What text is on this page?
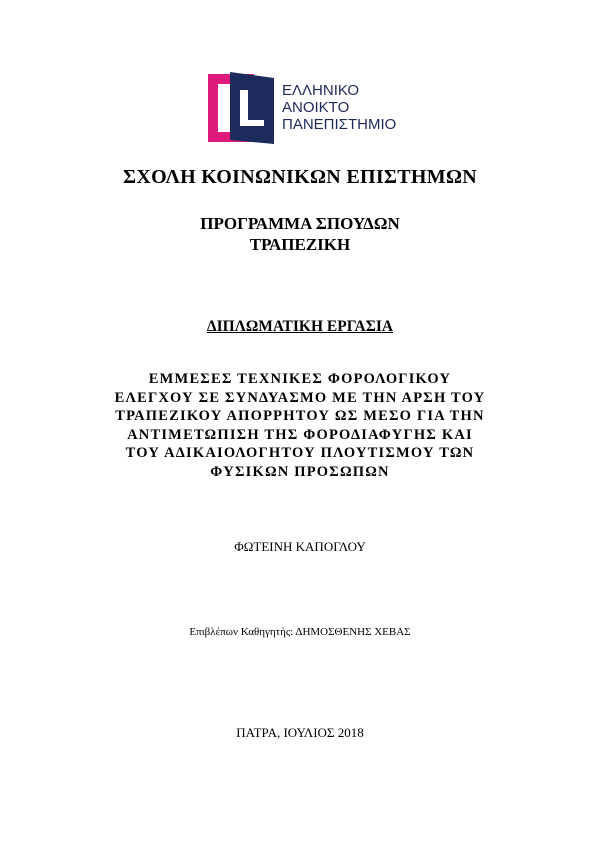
ΕΛΛΗΝΙΚΟ
ΑΝΟΙΚΤΟ
ΠΑΝΕΠΙΣΤΗΜΙΟ
ΣΧΟΛΗ ΚΟΙΝΩΝΙΚΩΝ ΕΠΙΣΤΗΜΩΝ
ΠΡΟΓΡΑΜΜΑ ΣΠΟΥΔΩΝ
ΤΡΑΠΕΖΙΚΗ
ΔΙΠΛΩΜΑΤΙΚΗ ΕΡΓΑΣΙΑ
ΕΜΜΕΣΕΣ ΤΕΧΝΙΚΕΣ ΦΟΡΟΛΟΓΙΚΟΥ
ΕΛΕΓΧΟΥ ΣΕ ΣΥΝΔΥΑΣΜΟ ΜΕ ΤΗΝ ΑΡΣΗ ΤΟΥ
ΤΡΑΠΕΖΙΚΟΥ ΑΠΟΡΡΗΤΟΥ ΩΣ ΜΕΣΟ ΓΙΑ ΤΗΝ
ΑΝΤΙΜΕΤΩΠΙΣΗ ΤΗΣ ΦΟΡΟΔΙΑΦΥΓΗΣ ΚΑΙ
ΤΟΥ ΑΔΙΚΑΙΟΛΟΓΗΤΟΥ ΠΛΟΥΤΙΣΜΟΥ ΤΩΝ
ΦΥΣΙΚΩΝ ΠΡΟΣΩΠΩΝ
ΦΩΤΕΙΝΗ ΚΑΠΟΓΛΟΥ
Επιβλέπων Καθηγητής: ΔΗΜΟΣΘΕΝΗΣ ΧΕΒΑΣ
ΠΑΤΡΑ, ΙΟΥΛΙΟΣ 2018
